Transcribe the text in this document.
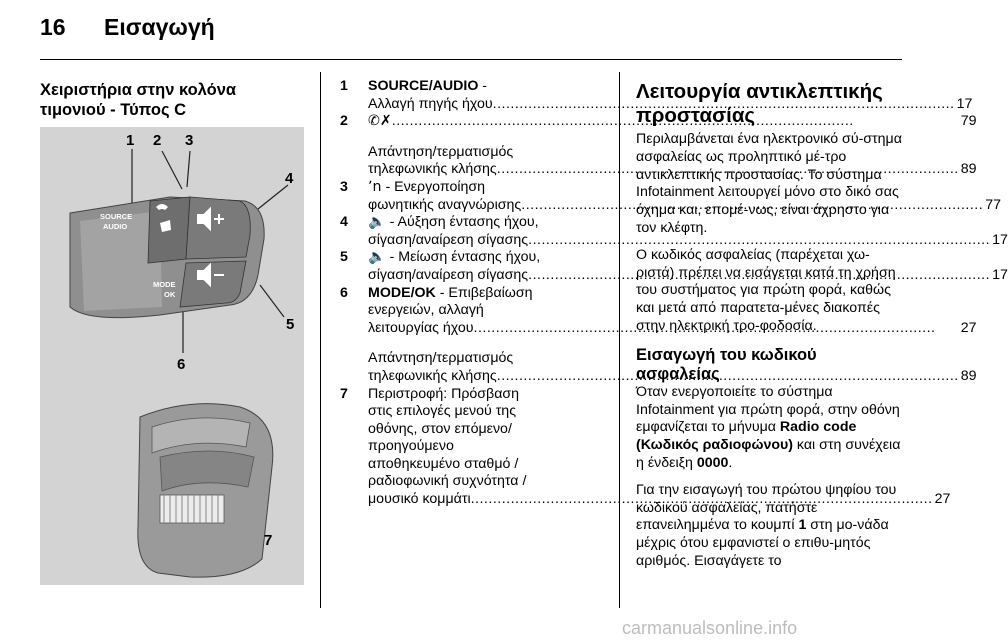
16 Εισαγωγή
Χειριστήρια στην κολόνα
τιμονιού - Τύπος C
SOURCE
AUDIO
MODE
OK
1 2 3
4
5
6
7
1	SOURCE/AUDIO -
Αλλαγή πηγής ήχου .....	17
2	✆✗ .....	79
Απάντηση/τερματισμός
τηλεφωνικής κλήσης .....	89
3	ʼn - Ενεργοποίηση
φωνητικής αναγνώρισης .....	77
4	🔈 - Αύξηση έντασης ήχου,
σίγαση/αναίρεση σίγασης .....	17
5	🔈 - Μείωση έντασης ήχου,
σίγαση/αναίρεση σίγασης .....	17
6	MODE/OK - Επιβεβαίωση
ενεργειών, αλλαγή
λειτουργίας ήχου .....	27
Απάντηση/τερματισμός
τηλεφωνικής κλήσης .....	89
7	Περιστροφή: Πρόσβαση
στις επιλογές μενού της
οθόνης, στον επόμενο/
προηγούμενο
αποθηκευμένο σταθμό /
ραδιοφωνική συχνότητα /
μουσικό κομμάτι .....	27
Λειτουργία αντικλεπτικής
προστασίας

Περιλαμβάνεται ένα ηλεκτρονικό σύ-στημα ασφαλείας ως προληπτικό μέ-τρο αντικλεπτικής προστασίας. Το σύστημα Infotainment λειτουργεί μόνο στο δικό σας όχημα και, επομέ-νως, είναι άχρηστο για τον κλέφτη.

Ο κωδικός ασφαλείας (παρέχεται χω-ριστά) πρέπει να εισάγεται κατά τη χρήση του συστήματος για πρώτη φορά, καθώς και μετά από παρατετα-μένες διακοπές στην ηλεκτρική τρο-φοδοσία.

Εισαγωγή του κωδικού
ασφαλείας

Όταν ενεργοποιείτε το σύστημα Infotainment για πρώτη φορά, στην οθόνη εμφανίζεται το μήνυμα Radio code (Κωδικός ραδιοφώνου) και στη συνέχεια η ένδειξη 0000.

Για την εισαγωγή του πρώτου ψηφίου του κωδικού ασφαλείας, πατήστε επανειλημμένα το κουμπί 1 στη μο-νάδα μέχρις ότου εμφανιστεί ο επιθυ-μητός αριθμός. Εισαγάγετε το

carmanualsonline.info
